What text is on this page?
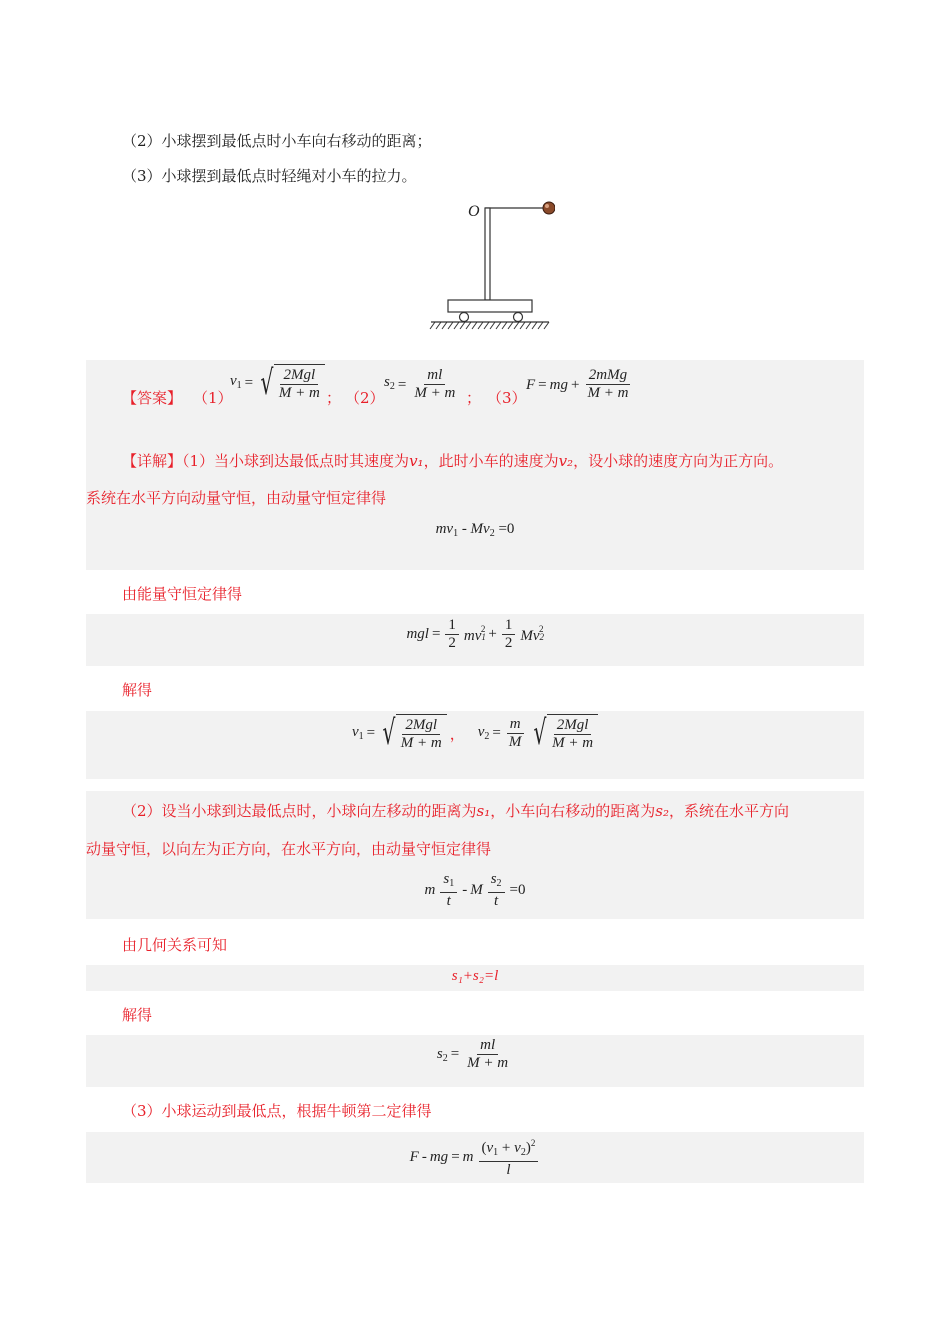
（2）小球摆到最低点时小车向右移动的距离；
（3）小球摆到最低点时轻绳对小车的拉力。
O
【答案】 （1）
$v_1$ = √ $\frac{\text{2Mgl}}{M + m}$ ； （2）
$s_2 = \frac{ml}{M + m}$ ； （3）
F = mg + $\frac{\text{2mMg}}{M + m}$
【详解】（1）当小球到达最低点时其速度为v₁，此时小车的速度为v₂，设小球的速度方向为正方向。
系统在水平方向动量守恒，由动量守恒定律得
$mv_1 - Mv_2 =0$
由能量守恒定律得
mgl = $\frac{1}{2} mv1^2 + \frac{1}{2} Mv2^2$
解得
$v_1$ = √ $\frac{\text{2Mgl}}{M + m}$ ， $v_2 = \frac{m}{M}$ √ $\frac{\text{2Mgl}}{M + m}$
（2）设当小球到达最低点时，小球向左移动的距离为s₁，小车向右移动的距离为s₂，系统在水平方向
动量守恒，以向左为正方向，在水平方向，由动量守恒定律得
m $\frac{s_1}{t} - M \frac{s_2}{t} =0$
由几何关系可知
s₁+s₂=l
解得
$s_2 = \frac{ml}{M + m}$
（3）小球运动到最低点，根据牛顿第二定律得
F - mg = m $\frac{(v_1 + v_2)^2}{l}$
